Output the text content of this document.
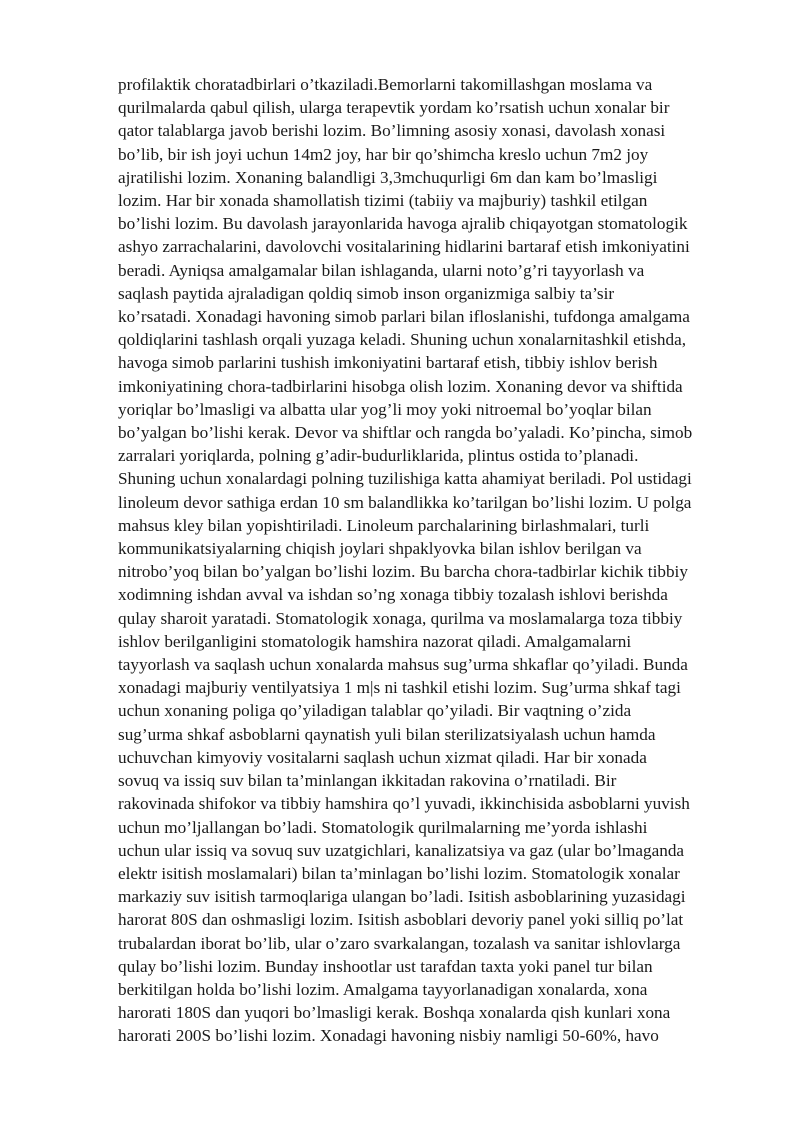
profilaktik choratadbirlari o’tkaziladi.Bemorlarni takomillashgan moslama va
qurilmalarda qabul qilish, ularga terapevtik yordam ko’rsatish uchun xonalar bir
qator talablarga javob berishi lozim. Bo’limning asosiy xonasi, davolash xonasi
bo’lib, bir ish joyi uchun 14m2 joy, har bir qo’shimcha kreslo uchun 7m2 joy
ajratilishi lozim. Xonaning balandligi 3,3mchuqurligi 6m dan kam bo’lmasligi
lozim. Har bir xonada shamollatish tizimi (tabiiy va majburiy) tashkil etilgan
bo’lishi lozim. Bu davolash jarayonlarida havoga ajralib chiqayotgan stomatologik
ashyo zarrachalarini, davolovchi vositalarining hidlarini bartaraf etish imkoniyatini
beradi. Ayniqsa amalgamalar bilan ishlaganda, ularni noto’g’ri tayyorlash va
saqlash paytida ajraladigan qoldiq simob inson organizmiga salbiy ta’sir
ko’rsatadi. Xonadagi havoning simob parlari bilan ifloslanishi, tufdonga amalgama
qoldiqlarini tashlash orqali yuzaga keladi. Shuning uchun xonalarnitashkil etishda,
havoga simob parlarini tushish imkoniyatini bartaraf etish, tibbiy ishlov berish
imkoniyatining chora-tadbirlarini hisobga olish lozim. Xonaning devor va shiftida
yoriqlar bo’lmasligi va albatta ular yog’li moy yoki nitroemal bo’yoqlar bilan
bo’yalgan bo’lishi kerak. Devor va shiftlar och rangda bo’yaladi. Ko’pincha, simob
zarralari yoriqlarda, polning g’adir-budurliklarida, plintus ostida to’planadi.
Shuning uchun xonalardagi polning tuzilishiga katta ahamiyat beriladi. Pol ustidagi
linoleum devor sathiga erdan 10 sm balandlikka ko’tarilgan bo’lishi lozim. U polga
mahsus kley bilan yopishtiriladi. Linoleum parchalarining birlashmalari, turli
kommunikatsiyalarning chiqish joylari shpaklyovka bilan ishlov berilgan va
nitrobo’yoq bilan bo’yalgan bo’lishi lozim. Bu barcha chora-tadbirlar kichik tibbiy
xodimning ishdan avval va ishdan so’ng xonaga tibbiy tozalash ishlovi berishda
qulay sharoit yaratadi. Stomatologik xonaga, qurilma va moslamalarga toza tibbiy
ishlov berilganligini stomatologik hamshira nazorat qiladi. Amalgamalarni
tayyorlash va saqlash uchun xonalarda mahsus sug’urma shkaflar qo’yiladi. Bunda
xonadagi majburiy ventilyatsiya 1 m|s ni tashkil etishi lozim. Sug’urma shkaf tagi
uchun xonaning poliga qo’yiladigan talablar qo’yiladi. Bir vaqtning o’zida
sug’urma shkaf asboblarni qaynatish yuli bilan sterilizatsiyalash uchun hamda
uchuvchan kimyoviy vositalarni saqlash uchun xizmat qiladi. Har bir xonada
sovuq va issiq suv bilan ta’minlangan ikkitadan rakovina o’rnatiladi. Bir
rakovinada shifokor va tibbiy hamshira qo’l yuvadi, ikkinchisida asboblarni yuvish
uchun mo’ljallangan bo’ladi. Stomatologik qurilmalarning me’yorda ishlashi
uchun ular issiq va sovuq suv uzatgichlari, kanalizatsiya va gaz (ular bo’lmaganda
elektr isitish moslamalari) bilan ta’minlagan bo’lishi lozim. Stomatologik xonalar
markaziy suv isitish tarmoqlariga ulangan bo’ladi. Isitish asboblarining yuzasidagi
harorat 80S dan oshmasligi lozim. Isitish asboblari devoriy panel yoki silliq po’lat
trubalardan iborat bo’lib, ular o’zaro svarkalangan, tozalash va sanitar ishlovlarga
qulay bo’lishi lozim. Bunday inshootlar ust tarafdan taxta yoki panel tur bilan
berkitilgan holda bo’lishi lozim. Amalgama tayyorlanadigan xonalarda, xona
harorati 180S dan yuqori bo’lmasligi kerak. Boshqa xonalarda qish kunlari xona
harorati 200S bo’lishi lozim. Xonadagi havoning nisbiy namligi 50-60%, havo
